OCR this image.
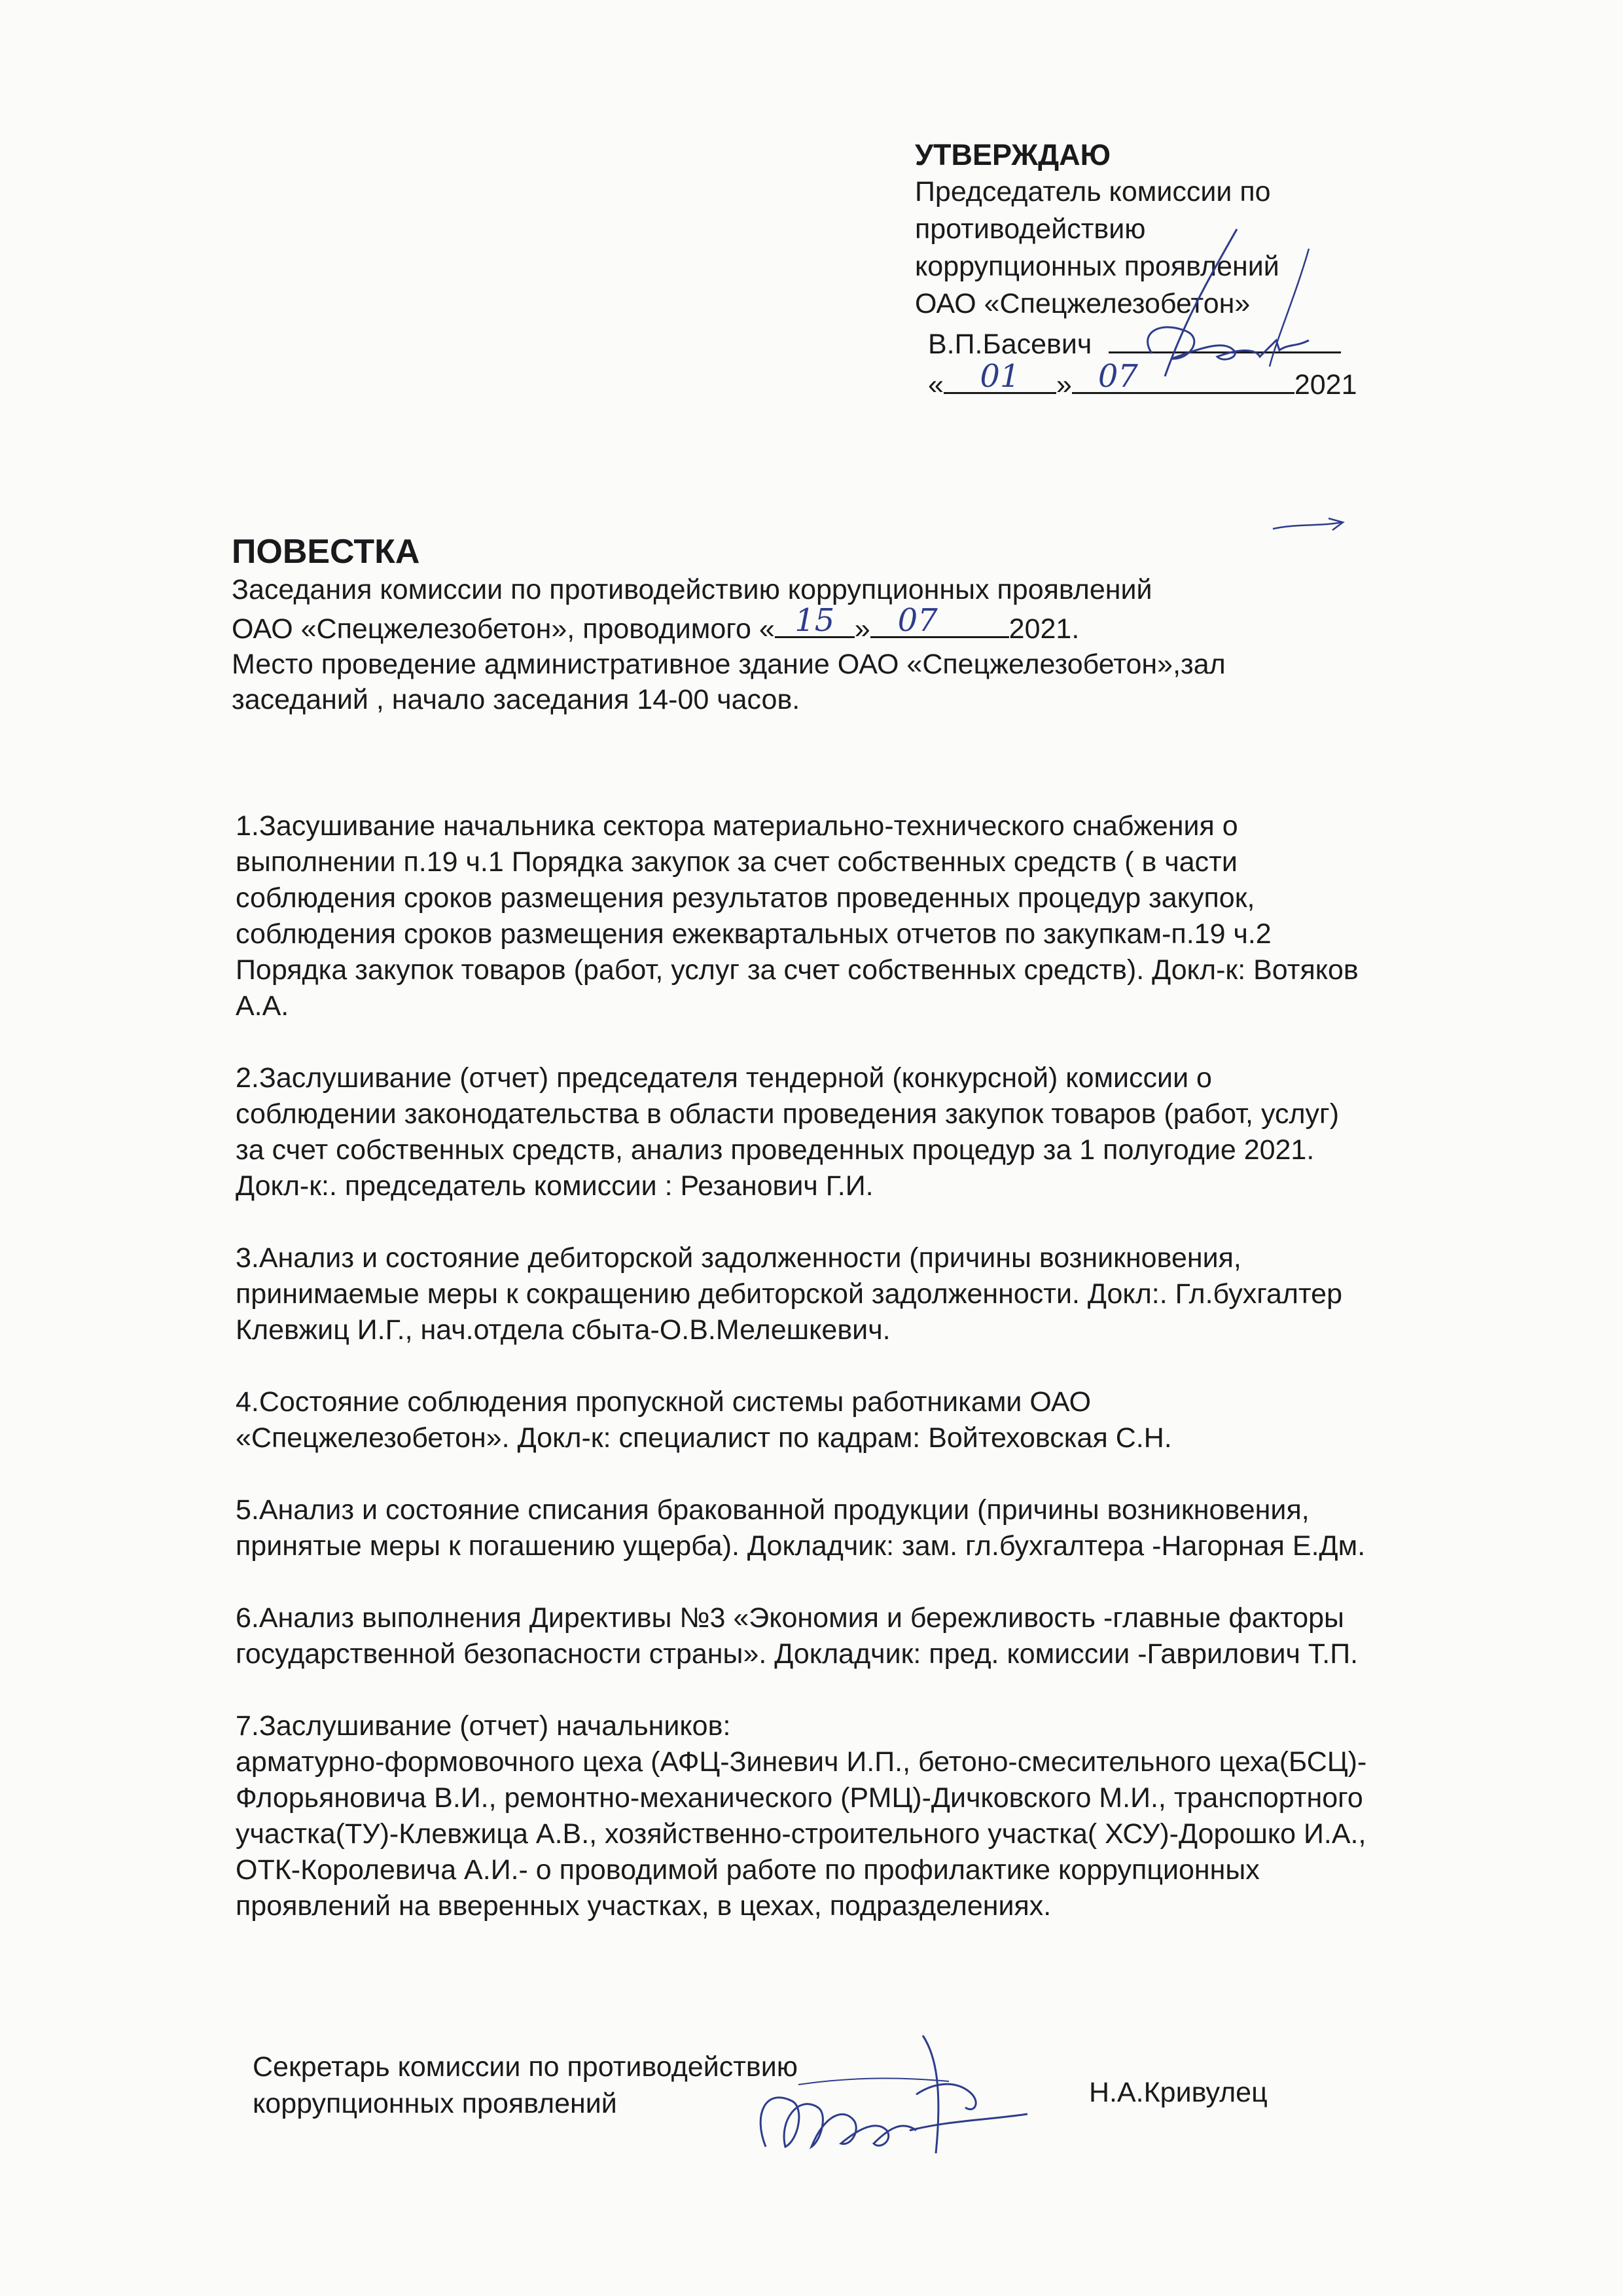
УТВЕРЖДАЮ
Председатель комиссии по
противодействию
коррупционных проявлений
ОАО «Спецжелезобетон»
В.П.Басевич
«	01	» 07	2021
ПОВЕСТКА
Заседания комиссии по противодействию коррупционных проявлений
ОАО «Спецжелезобетон», проводимого « 15 » 07	2021.
Место проведение административное здание ОАО «Спецжелезобетон»,зал
заседаний , начало заседания 14-00 часов.
1.Засушивание начальника сектора материально-технического снабжения о
выполнении п.19 ч.1 Порядка закупок за счет собственных средств ( в части
соблюдения сроков размещения результатов проведенных процедур закупок,
соблюдения сроков размещения ежеквартальных отчетов по закупкам-п.19 ч.2
Порядка закупок товаров (работ, услуг за счет собственных средств). Докл-к: Вотяков
А.А.
2.Заслушивание (отчет) председателя тендерной (конкурсной) комиссии о
соблюдении законодательства в области проведения закупок товаров (работ, услуг)
за счет собственных средств, анализ проведенных процедур за 1 полугодие 2021.
Докл-к:. председатель комиссии : Резанович Г.И.
3.Анализ и состояние дебиторской задолженности (причины возникновения,
принимаемые меры к сокращению дебиторской задолженности. Докл:. Гл.бухгалтер
Клевжиц И.Г., нач.отдела сбыта-О.В.Мелешкевич.
4.Состояние соблюдения пропускной системы работниками ОАО
«Спецжелезобетон». Докл-к: специалист по кадрам: Войтеховская С.Н.
5.Анализ и состояние списания бракованной продукции (причины возникновения,
принятые меры к погашению ущерба). Докладчик: зам. гл.бухгалтера -Нагорная Е.Дм.
6.Анализ выполнения Директивы №3 «Экономия и бережливость -главные факторы
государственной безопасности страны». Докладчик: пред. комиссии -Гаврилович Т.П.
7.Заслушивание (отчет) начальников:
арматурно-формовочного цеха (АФЦ-Зиневич И.П., бетоно-смесительного цеха(БСЦ)-
Флорьяновича В.И., ремонтно-механического (РМЦ)-Дичковского М.И., транспортного
участка(ТУ)-Клевжица А.В., хозяйственно-строительного участка( ХСУ)-Дорошко И.А.,
ОТК-Королевича А.И.- о проводимой работе по профилактике коррупционных
проявлений на вверенных участках, в цехах, подразделениях.
Секретарь комиссии по противодействию
коррупционных проявлений	Н.А.Кривулец
